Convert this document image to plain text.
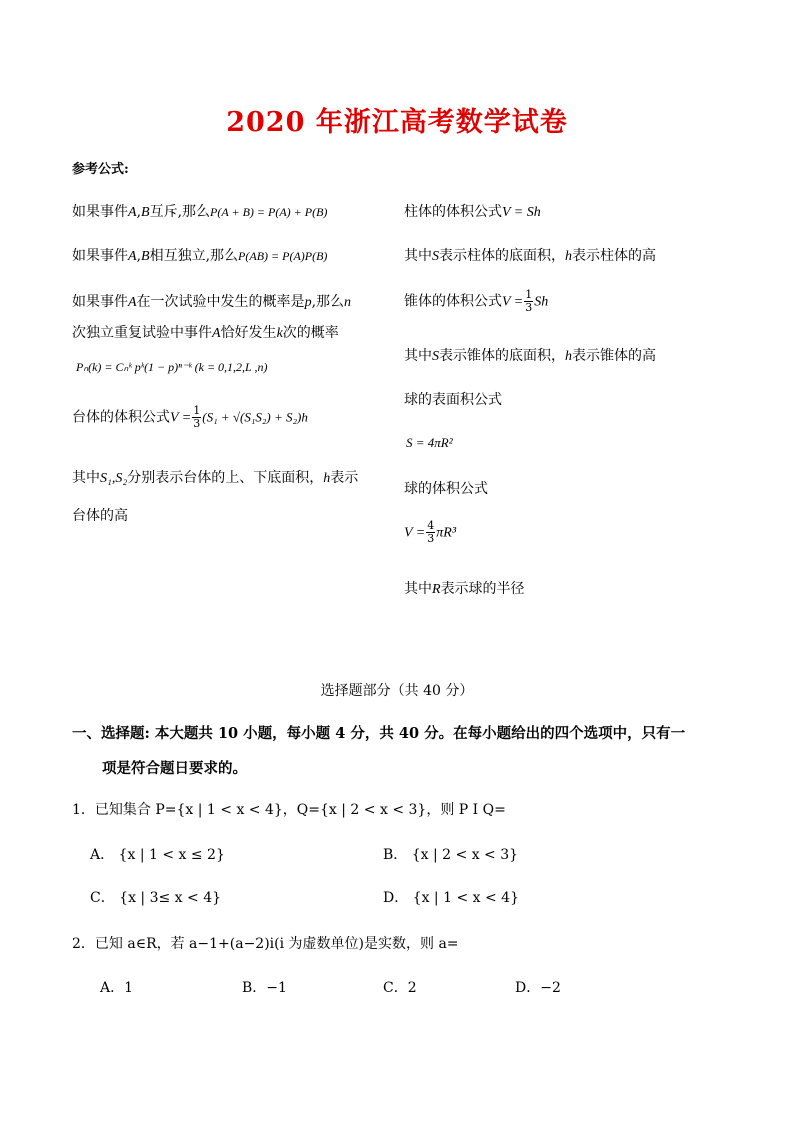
2020 年浙江高考数学试卷
参考公式:
如果事件A,B互斥,那么P(A + B) = P(A) + P(B)
如果事件A,B相互独立,那么P(AB) = P(A)P(B)
如果事件A在一次试验中发生的概率是p,那么n
次独立重复试验中事件A恰好发生k次的概率
Pₙ(k) = Cₙᵏ pᵏ(1 − p)ⁿ⁻ᵏ (k = 0,1,2,L ,n)
台体的体积公式$V = \frac{1}{3} (S_1 + √(S_1S_2) + S_2)h$
其中S₁,S₂分别表示台体的上、下底面积，h表示
台体的高
柱体的体积公式V = Sh
其中S表示柱体的底面积，h表示柱体的高
锥体的体积公式$V = \frac{1}{3}$ Sh
其中S表示锥体的底面积，h表示锥体的高
球的表面积公式
S = 4πR²
球的体积公式
$V = \frac{4}{3} \pi R^3$
其中R表示球的半径
选择题部分（共 40 分）
一、选择题: 本大题共 10 小题，每小题 4 分，共 40 分。在每小题给出的四个选项中，只有一
项是符合题日要求的。
1．已知集合 P={x | 1 < x < 4}，Q={x | 2 < x < 3}，则 P I Q=
A． {x | 1 < x ≤ 2}	B． {x | 2 < x < 3}
C． {x | 3≤ x < 4}	D． {x | 1 < x < 4}
2．已知 a∈R，若 a−1+(a−2)i(i 为虚数单位)是实数，则 a=
A．1	B．−1	C．2	D．−2
